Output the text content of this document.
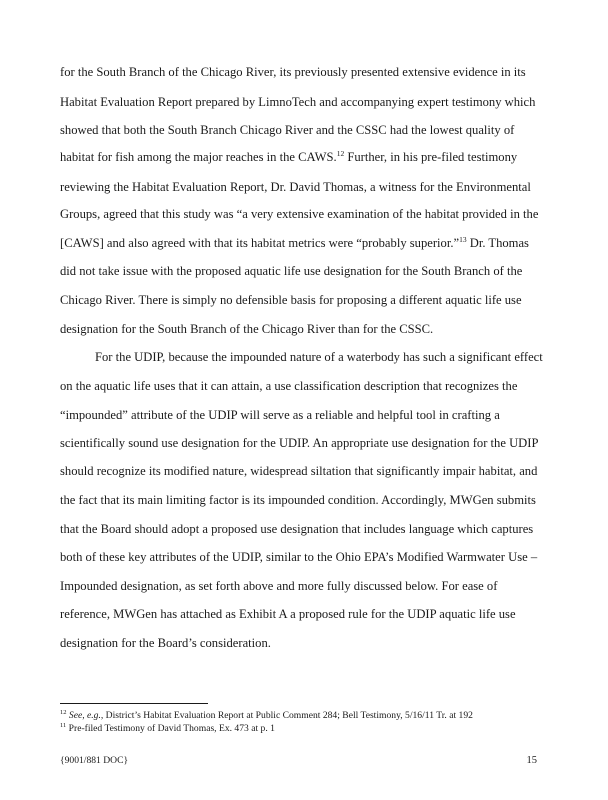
for the South Branch of the Chicago River, its previously presented extensive evidence in its
Habitat Evaluation Report prepared by LimnoTech and accompanying expert testimony which
showed that both the South Branch Chicago River and the CSSC had the lowest quality of
habitat for fish among the major reaches in the CAWS.$^{12}$ Further, in his pre-filed testimony
reviewing the Habitat Evaluation Report, Dr. David Thomas, a witness for the Environmental
Groups, agreed that this study was “a very extensive examination of the habitat provided in the
[CAWS] and also agreed with that its habitat metrics were “probably superior.”$^{13}$ Dr. Thomas
did not take issue with the proposed aquatic life use designation for the South Branch of the
Chicago River. There is simply no defensible basis for proposing a different aquatic life use
designation for the South Branch of the Chicago River than for the CSSC.
For the UDIP, because the impounded nature of a waterbody has such a significant effect
on the aquatic life uses that it can attain, a use classification description that recognizes the
“impounded” attribute of the UDIP will serve as a reliable and helpful tool in crafting a
scientifically sound use designation for the UDIP. An appropriate use designation for the UDIP
should recognize its modified nature, widespread siltation that significantly impair habitat, and
the fact that its main limiting factor is its impounded condition. Accordingly, MWGen submits
that the Board should adopt a proposed use designation that includes language which captures
both of these key attributes of the UDIP, similar to the Ohio EPA’s Modified Warmwater Use –
Impounded designation, as set forth above and more fully discussed below. For ease of
reference, MWGen has attached as Exhibit A a proposed rule for the UDIP aquatic life use
designation for the Board’s consideration.
$^{12}$ See, e.g., District’s Habitat Evaluation Report at Public Comment 284; Bell Testimony, 5/16/11 Tr. at 192
$^{11}$ Pre-filed Testimony of David Thomas, Ex. 473 at p. 1
{9001/881 DOC}	15
